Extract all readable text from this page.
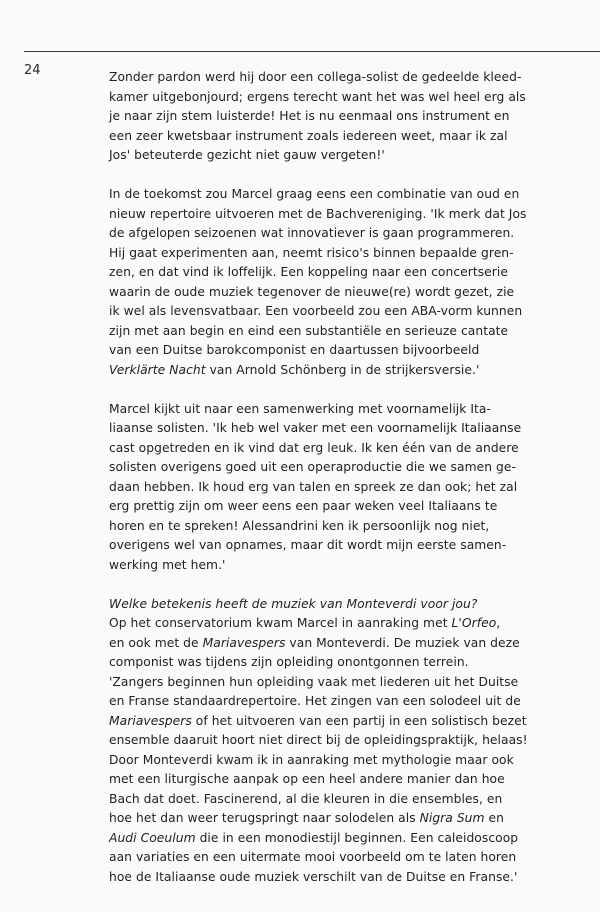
24	Zonder pardon werd hij door een collega-solist de gedeelde kleed-
kamer uitgebonjourd; ergens terecht want het was wel heel erg als
je naar zijn stem luisterde! Het is nu eenmaal ons instrument en
een zeer kwetsbaar instrument zoals iedereen weet, maar ik zal
Jos' beteuterde gezicht niet gauw vergeten!'

In de toekomst zou Marcel graag eens een combinatie van oud en
nieuw repertoire uitvoeren met de Bachvereniging. 'Ik merk dat Jos
de afgelopen seizoenen wat innovatiever is gaan programmeren.
Hij gaat experimenten aan, neemt risico's binnen bepaalde gren-
zen, en dat vind ik loffelijk. Een koppeling naar een concertserie
waarin de oude muziek tegenover de nieuwe(re) wordt gezet, zie
ik wel als levensvatbaar. Een voorbeeld zou een ABA-vorm kunnen
zijn met aan begin en eind een substantiële en serieuze cantate
van een Duitse barokcomponist en daartussen bijvoorbeeld
Verklärte Nacht van Arnold Schönberg in de strijkersversie.'

Marcel kijkt uit naar een samenwerking met voornamelijk Ita-
liaanse solisten. 'Ik heb wel vaker met een voornamelijk Italiaanse
cast opgetreden en ik vind dat erg leuk. Ik ken één van de andere
solisten overigens goed uit een operaproductie die we samen ge-
daan hebben. Ik houd erg van talen en spreek ze dan ook; het zal
erg prettig zijn om weer eens een paar weken veel Italiaans te
horen en te spreken! Alessandrini ken ik persoonlijk nog niet,
overigens wel van opnames, maar dit wordt mijn eerste samen-
werking met hem.'

Welke betekenis heeft de muziek van Monteverdi voor jou?
Op het conservatorium kwam Marcel in aanraking met L'Orfeo,
en ook met de Mariavespers van Monteverdi. De muziek van deze
componist was tijdens zijn opleiding onontgonnen terrein.
'Zangers beginnen hun opleiding vaak met liederen uit het Duitse
en Franse standaardrepertoire. Het zingen van een solodeel uit de
Mariavespers of het uitvoeren van een partij in een solistisch bezet
ensemble daaruit hoort niet direct bij de opleidingspraktijk, helaas!
Door Monteverdi kwam ik in aanraking met mythologie maar ook
met een liturgische aanpak op een heel andere manier dan hoe
Bach dat doet. Fascinerend, al die kleuren in die ensembles, en
hoe het dan weer terugspringt naar solodelen als Nigra Sum en
Audi Coeulum die in een monodiestijl beginnen. Een caleidoscoop
aan variaties en een uitermate mooi voorbeeld om te laten horen
hoe de Italiaanse oude muziek verschilt van de Duitse en Franse.'
